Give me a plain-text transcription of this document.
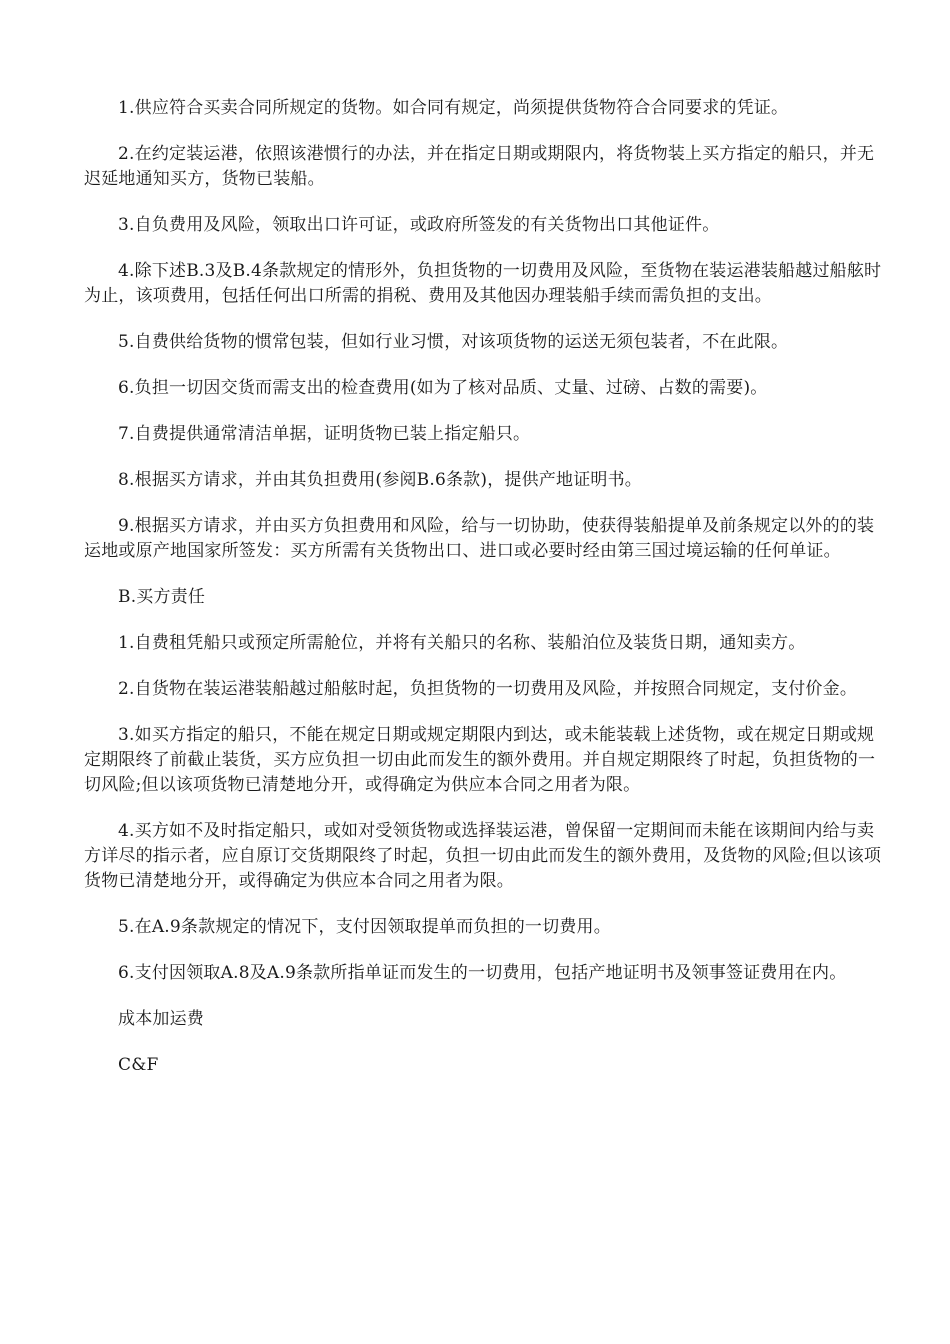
1.供应符合买卖合同所规定的货物。如合同有规定，尚须提供货物符合合同要求的凭证。

2.在约定装运港，依照该港惯行的办法，并在指定日期或期限内，将货物装上买方指定的船只，并无迟延地通知买方，货物已装船。

3.自负费用及风险，领取出口许可证，或政府所签发的有关货物出口其他证件。

4.除下述B.3及B.4条款规定的情形外，负担货物的一切费用及风险，至货物在装运港装船越过船舷时为止，该项费用，包括任何出口所需的捐税、费用及其他因办理装船手续而需负担的支出。

5.自费供给货物的惯常包装，但如行业习惯，对该项货物的运送无须包装者，不在此限。

6.负担一切因交货而需支出的检查费用(如为了核对品质、丈量、过磅、占数的需要)。

7.自费提供通常清洁单据，证明货物已装上指定船只。

8.根据买方请求，并由其负担费用(参阅B.6条款)，提供产地证明书。

9.根据买方请求，并由买方负担费用和风险，给与一切协助，使获得装船提单及前条规定以外的的装运地或原产地国家所签发：买方所需有关货物出口、进口或必要时经由第三国过境运输的任何单证。

B.买方责任

1.自费租凭船只或预定所需舱位，并将有关船只的名称、装船泊位及装货日期，通知卖方。

2.自货物在装运港装船越过船舷时起，负担货物的一切费用及风险，并按照合同规定，支付价金。

3.如买方指定的船只，不能在规定日期或规定期限内到达，或未能装载上述货物，或在规定日期或规定期限终了前截止装货，买方应负担一切由此而发生的额外费用。并自规定期限终了时起，负担货物的一切风险;但以该项货物已清楚地分开，或得确定为供应本合同之用者为限。

4.买方如不及时指定船只，或如对受领货物或选择装运港，曾保留一定期间而未能在该期间内给与卖方详尽的指示者，应自原订交货期限终了时起，负担一切由此而发生的额外费用，及货物的风险;但以该项货物已清楚地分开，或得确定为供应本合同之用者为限。

5.在A.9条款规定的情况下，支付因领取提单而负担的一切费用。

6.支付因领取A.8及A.9条款所指单证而发生的一切费用，包括产地证明书及领事签证费用在内。

成本加运费

C&F
